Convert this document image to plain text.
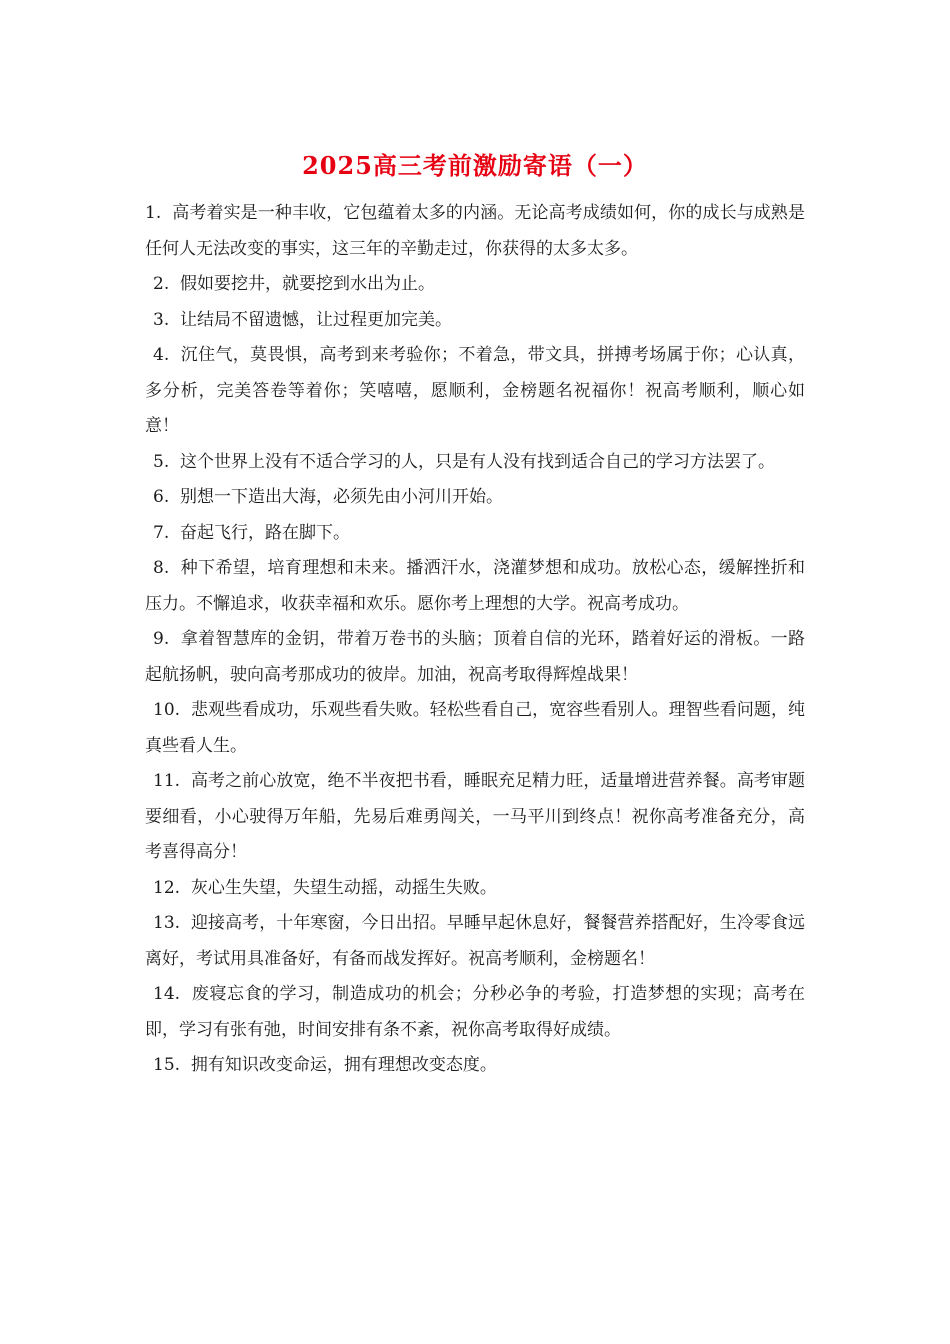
2025高三考前激励寄语（一）

1. 高考着实是一种丰收，它包蕴着太多的内涵。无论高考成绩如何，你的成长与成熟是任何人无法改变的事实，这三年的辛勤走过，你获得的太多太多。

2. 假如要挖井，就要挖到水出为止。

3. 让结局不留遗憾，让过程更加完美。

4. 沉住气，莫畏惧，高考到来考验你；不着急，带文具，拼搏考场属于你；心认真，多分析，完美答卷等着你；笑嘻嘻，愿顺利，金榜题名祝福你！祝高考顺利，顺心如意！

5. 这个世界上没有不适合学习的人，只是有人没有找到适合自己的学习方法罢了。

6. 别想一下造出大海，必须先由小河川开始。

7. 奋起飞行，路在脚下。

8. 种下希望，培育理想和未来。播洒汗水，浇灌梦想和成功。放松心态，缓解挫折和压力。不懈追求，收获幸福和欢乐。愿你考上理想的大学。祝高考成功。

9. 拿着智慧库的金钥，带着万卷书的头脑；顶着自信的光环，踏着好运的滑板。一路起航扬帆，驶向高考那成功的彼岸。加油，祝高考取得辉煌战果！

10. 悲观些看成功，乐观些看失败。轻松些看自己，宽容些看别人。理智些看问题，纯真些看人生。

11. 高考之前心放宽，绝不半夜把书看，睡眠充足精力旺，适量增进营养餐。高考审题要细看，小心驶得万年船，先易后难勇闯关，一马平川到终点！祝你高考准备充分，高考喜得高分！

12. 灰心生失望，失望生动摇，动摇生失败。

13. 迎接高考，十年寒窗，今日出招。早睡早起休息好，餐餐营养搭配好，生冷零食远离好，考试用具准备好，有备而战发挥好。祝高考顺利，金榜题名！

14. 废寝忘食的学习，制造成功的机会；分秒必争的考验，打造梦想的实现；高考在即，学习有张有弛，时间安排有条不紊，祝你高考取得好成绩。

15. 拥有知识改变命运，拥有理想改变态度。
